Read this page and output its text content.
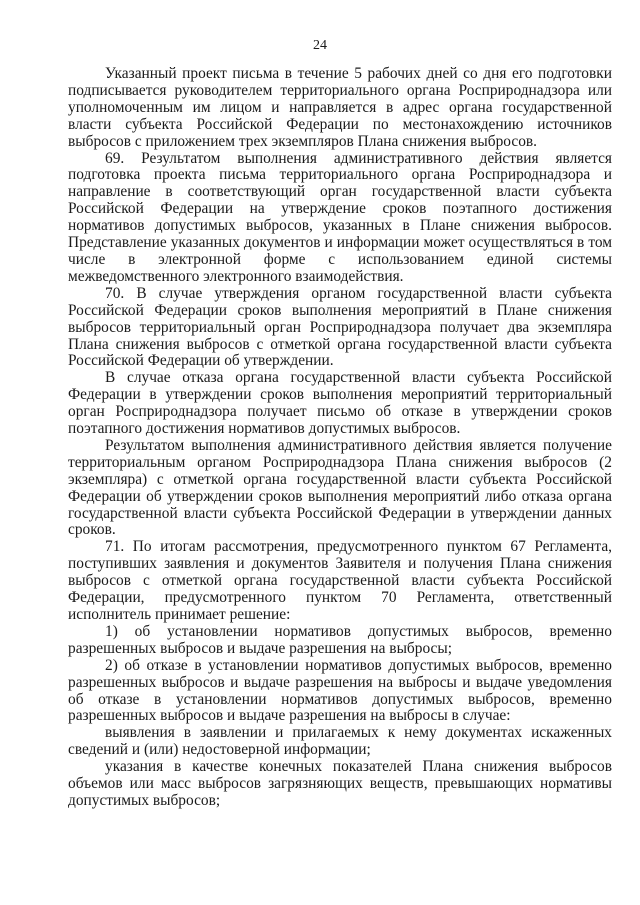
24

Указанный проект письма в течение 5 рабочих дней со дня его подготовки подписывается руководителем территориального органа Росприроднадзора или уполномоченным им лицом и направляется в адрес органа государственной власти субъекта Российской Федерации по местонахождению источников выбросов с приложением трех экземпляров Плана снижения выбросов.

69. Результатом выполнения административного действия является подготовка проекта письма территориального органа Росприроднадзора и направление в соответствующий орган государственной власти субъекта Российской Федерации на утверждение сроков поэтапного достижения нормативов допустимых выбросов, указанных в Плане снижения выбросов. Представление указанных документов и информации может осуществляться в том числе в электронной форме с использованием единой системы межведомственного электронного взаимодействия.

70. В случае утверждения органом государственной власти субъекта Российской Федерации сроков выполнения мероприятий в Плане снижения выбросов территориальный орган Росприроднадзора получает два экземпляра Плана снижения выбросов с отметкой органа государственной власти субъекта Российской Федерации об утверждении.

В случае отказа органа государственной власти субъекта Российской Федерации в утверждении сроков выполнения мероприятий территориальный орган Росприроднадзора получает письмо об отказе в утверждении сроков поэтапного достижения нормативов допустимых выбросов.

Результатом выполнения административного действия является получение территориальным органом Росприроднадзора Плана снижения выбросов (2 экземпляра) с отметкой органа государственной власти субъекта Российской Федерации об утверждении сроков выполнения мероприятий либо отказа органа государственной власти субъекта Российской Федерации в утверждении данных сроков.

71. По итогам рассмотрения, предусмотренного пунктом 67 Регламента, поступивших заявления и документов Заявителя и получения Плана снижения выбросов с отметкой органа государственной власти субъекта Российской Федерации, предусмотренного пунктом 70 Регламента, ответственный исполнитель принимает решение:

1) об установлении нормативов допустимых выбросов, временно разрешенных выбросов и выдаче разрешения на выбросы;

2) об отказе в установлении нормативов допустимых выбросов, временно разрешенных выбросов и выдаче разрешения на выбросы и выдаче уведомления об отказе в установлении нормативов допустимых выбросов, временно разрешенных выбросов и выдаче разрешения на выбросы в случае:

выявления в заявлении и прилагаемых к нему документах искаженных сведений и (или) недостоверной информации;

указания в качестве конечных показателей Плана снижения выбросов объемов или масс выбросов загрязняющих веществ, превышающих нормативы допустимых выбросов;
